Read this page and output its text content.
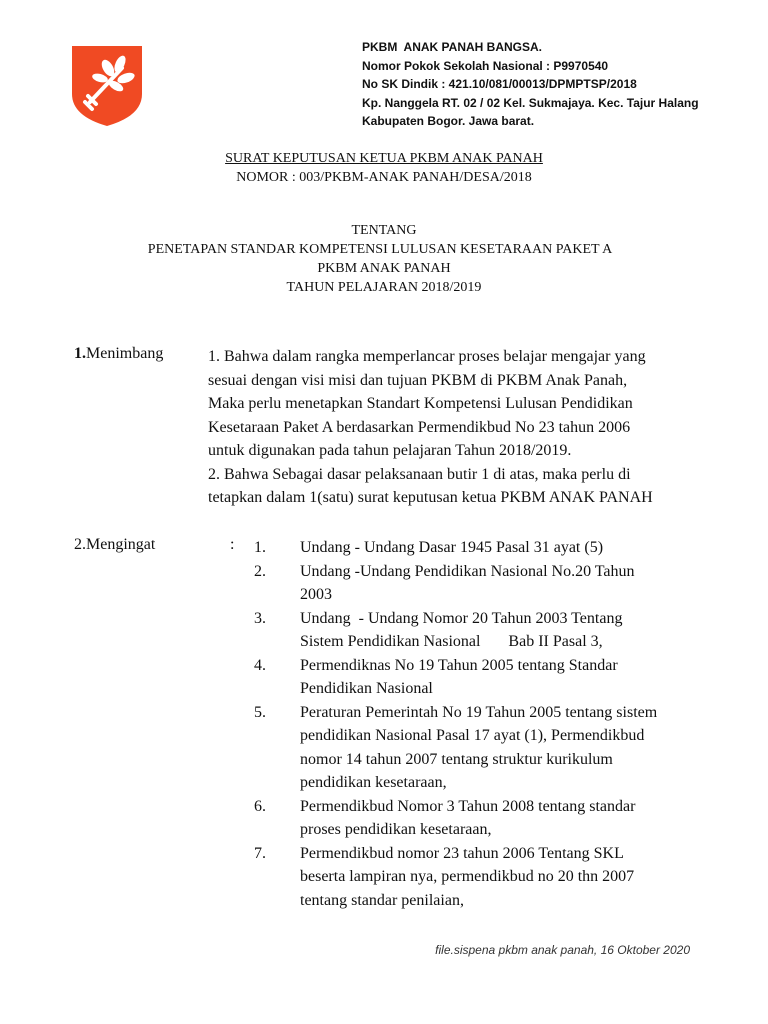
PKBM  ANAK PANAH BANGSA.
Nomor Pokok Sekolah Nasional : P9970540
No SK Dindik : 421.10/081/00013/DPMPTSP/2018
Kp. Nanggela RT. 02 / 02 Kel. Sukmajaya. Kec. Tajur Halang
Kabupaten Bogor. Jawa barat.
SURAT KEPUTUSAN KETUA PKBM ANAK PANAH
NOMOR : 003/PKBM-ANAK PANAH/DESA/2018
TENTANG
PENETAPAN STANDAR KOMPETENSI LULUSAN KESETARAAN PAKET A
PKBM ANAK PANAH
TAHUN PELAJARAN 2018/2019
1.Menimbang	1. Bahwa dalam rangka memperlancar proses belajar mengajar yang

sesuai dengan visi misi dan tujuan PKBM di PKBM Anak Panah,

Maka perlu menetapkan Standart Kompetensi Lulusan Pendidikan

Kesetaraan Paket A berdasarkan Permendikbud No 23 tahun 2006

untuk digunakan pada tahun pelajaran Tahun 2018/2019.

2. Bahwa Sebagai dasar pelaksanaan butir 1 di atas, maka perlu di

tetapkan dalam 1(satu) surat keputusan ketua PKBM ANAK PANAH

2.Mengingat	: 1.	Undang - Undang Dasar 1945 Pasal 31 ayat (5)
2.	Undang -Undang Pendidikan Nasional No.20 Tahun
2003
3.	Undang  - Undang Nomor 20 Tahun 2003 Tentang
Sistem Pendidikan Nasional       Bab II Pasal 3,
4.	Permendiknas No 19 Tahun 2005 tentang Standar
Pendidikan Nasional
5.	Peraturan Pemerintah No 19 Tahun 2005 tentang sistem
pendidikan Nasional Pasal 17 ayat (1), Permendikbud
nomor 14 tahun 2007 tentang struktur kurikulum
pendidikan kesetaraan,
6.	Permendikbud Nomor 3 Tahun 2008 tentang standar
proses pendidikan kesetaraan,
7.	Permendikbud nomor 23 tahun 2006 Tentang SKL
beserta lampiran nya, permendikbud no 20 thn 2007
tentang standar penilaian,
file.sispena pkbm anak panah, 16 Oktober 2020
